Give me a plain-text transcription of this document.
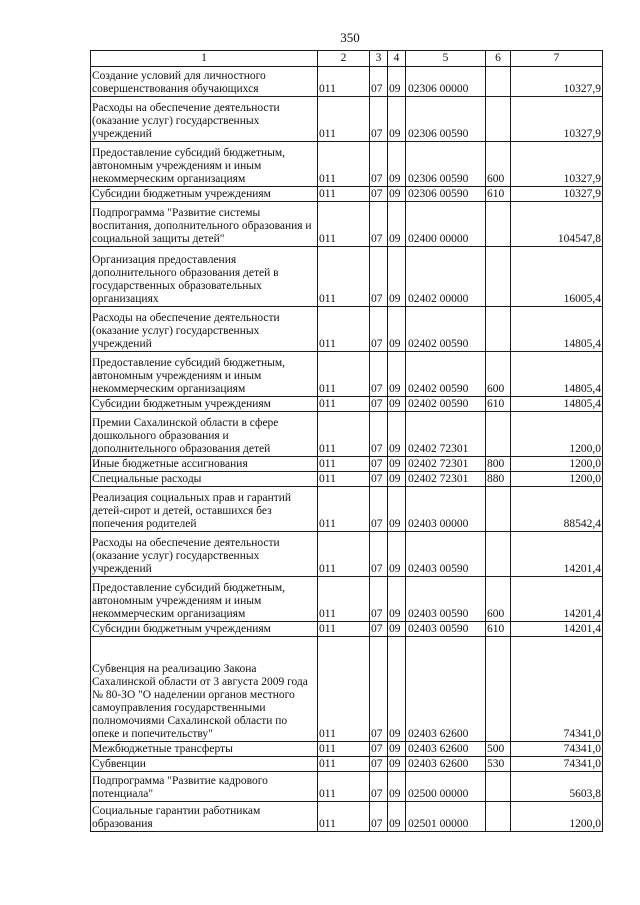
350
1	2	3	4	5	6	7
Создание условий для личностного совершенствования обучающихся	011	07	09	02306 00000		10327,9
Расходы на обеспечение деятельности (оказание услуг) государственных учреждений	011	07	09	02306 00590		10327,9
Предоставление субсидий бюджетным, автономным учреждениям и иным некоммерческим организациям	011	07	09	02306 00590	600	10327,9
Субсидии бюджетным учреждениям	011	07	09	02306 00590	610	10327,9
Подпрограмма "Развитие системы воспитания, дополнительного образования и социальной защиты детей"	011	07	09	02400 00000		104547,8
Организация предоставления дополнительного образования детей в государственных образовательных организациях	011	07	09	02402 00000		16005,4
Расходы на обеспечение деятельности (оказание услуг) государственных учреждений	011	07	09	02402 00590		14805,4
Предоставление субсидий бюджетным, автономным учреждениям и иным некоммерческим организациям	011	07	09	02402 00590	600	14805,4
Субсидии бюджетным учреждениям	011	07	09	02402 00590	610	14805,4
Премии Сахалинской области в сфере дошкольного образования и дополнительного образования детей	011	07	09	02402 72301		1200,0
Иные бюджетные ассигнования	011	07	09	02402 72301	800	1200,0
Специальные расходы	011	07	09	02402 72301	880	1200,0
Реализация социальных прав и гарантий детей-сирот и детей, оставшихся без попечения родителей	011	07	09	02403 00000		88542,4
Расходы на обеспечение деятельности (оказание услуг) государственных учреждений	011	07	09	02403 00590		14201,4
Предоставление субсидий бюджетным, автономным учреждениям и иным некоммерческим организациям	011	07	09	02403 00590	600	14201,4
Субсидии бюджетным учреждениям	011	07	09	02403 00590	610	14201,4
Субвенция на реализацию Закона Сахалинской области от 3 августа 2009 года № 80-ЗО "О наделении органов местного самоуправления государственными полномочиями Сахалинской области по опеке и попечительству"	011	07	09	02403 62600		74341,0
Межбюджетные трансферты	011	07	09	02403 62600	500	74341,0
Субвенции	011	07	09	02403 62600	530	74341,0
Подпрограмма "Развитие кадрового потенциала"	011	07	09	02500 00000		5603,8
Социальные гарантии работникам образования	011	07	09	02501 00000		1200,0
